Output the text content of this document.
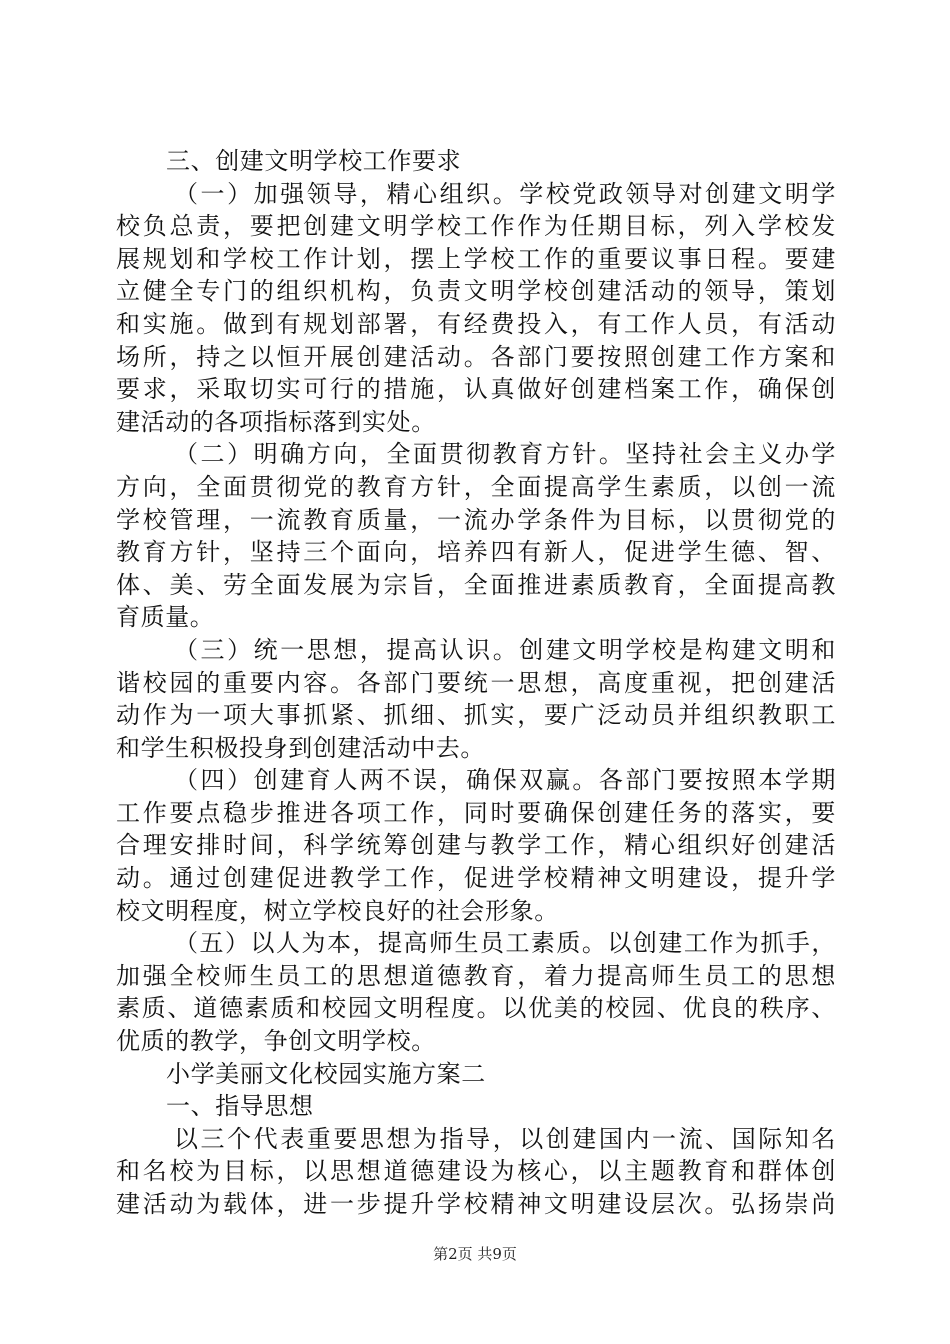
三、创建文明学校工作要求
（一）加强领导，精心组织。学校党政领导对创建文明学
校负总责，要把创建文明学校工作作为任期目标，列入学校发
展规划和学校工作计划，摆上学校工作的重要议事日程。要建
立健全专门的组织机构，负责文明学校创建活动的领导，策划
和实施。做到有规划部署，有经费投入，有工作人员，有活动
场所，持之以恒开展创建活动。各部门要按照创建工作方案和
要求，采取切实可行的措施，认真做好创建档案工作，确保创
建活动的各项指标落到实处。
（二）明确方向，全面贯彻教育方针。坚持社会主义办学
方向，全面贯彻党的教育方针，全面提高学生素质，以创一流
学校管理，一流教育质量，一流办学条件为目标，以贯彻党的
教育方针，坚持三个面向，培养四有新人，促进学生德、智、
体、美、劳全面发展为宗旨，全面推进素质教育，全面提高教
育质量。
（三）统一思想，提高认识。创建文明学校是构建文明和
谐校园的重要内容。各部门要统一思想，高度重视，把创建活
动作为一项大事抓紧、抓细、抓实，要广泛动员并组织教职工
和学生积极投身到创建活动中去。
（四）创建育人两不误，确保双赢。各部门要按照本学期
工作要点稳步推进各项工作，同时要确保创建任务的落实，要
合理安排时间，科学统筹创建与教学工作，精心组织好创建活
动。通过创建促进教学工作，促进学校精神文明建设，提升学
校文明程度，树立学校良好的社会形象。
（五）以人为本，提高师生员工素质。以创建工作为抓手，
加强全校师生员工的思想道德教育，着力提高师生员工的思想
素质、道德素质和校园文明程度。以优美的校园、优良的秩序、
优质的教学，争创文明学校。
小学美丽文化校园实施方案二
一、指导思想
以三个代表重要思想为指导，以创建国内一流、国际知名
和名校为目标，以思想道德建设为核心，以主题教育和群体创
建活动为载体，进一步提升学校精神文明建设层次。弘扬崇尚
第2页 共9页
